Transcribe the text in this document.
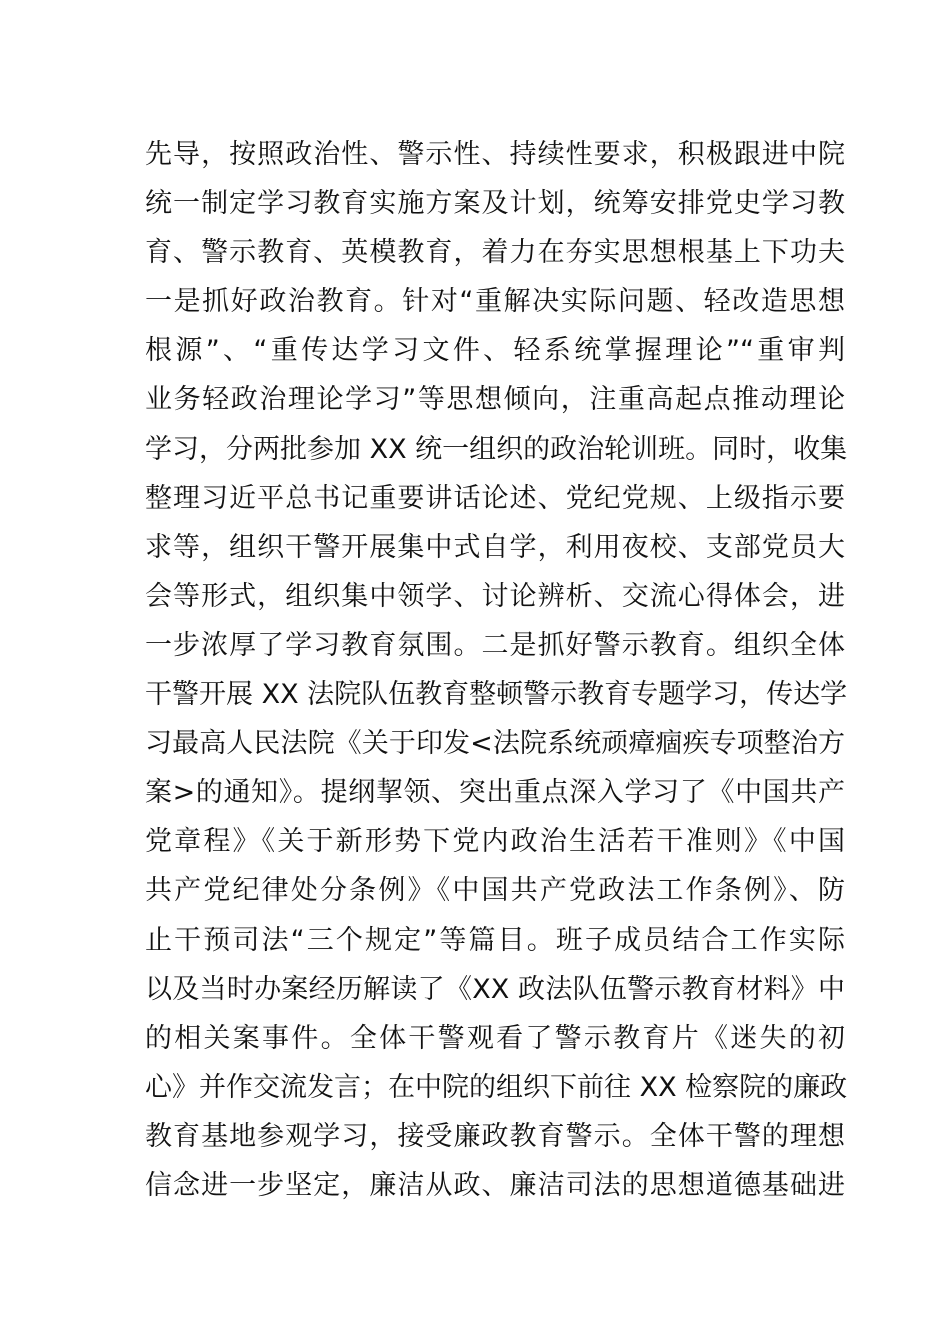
先导，按照政治性、警示性、持续性要求，积极跟进中院
统一制定学习教育实施方案及计划，统筹安排党史学习教
育、警示教育、英模教育，着力在夯实思想根基上下功夫
一是抓好政治教育。针对“重解决实际问题、轻改造思想
根源”、“重传达学习文件、轻系统掌握理论”“重审判
业务轻政治理论学习”等思想倾向，注重高起点推动理论
学习，分两批参加 XX 统一组织的政治轮训班。同时，收集
整理习近平总书记重要讲话论述、党纪党规、上级指示要
求等，组织干警开展集中式自学，利用夜校、支部党员大
会等形式，组织集中领学、讨论辨析、交流心得体会，进
一步浓厚了学习教育氛围。二是抓好警示教育。组织全体
干警开展 XX 法院队伍教育整顿警示教育专题学习，传达学
习最高人民法院《关于印发<法院系统顽瘴痼疾专项整治方
案>的通知》。提纲挈领、突出重点深入学习了《中国共产
党章程》《关于新形势下党内政治生活若干准则》《中国
共产党纪律处分条例》《中国共产党政法工作条例》、防
止干预司法“三个规定”等篇目。班子成员结合工作实际
以及当时办案经历解读了《XX 政法队伍警示教育材料》中
的相关案事件。全体干警观看了警示教育片《迷失的初
心》并作交流发言；在中院的组织下前往 XX 检察院的廉政
教育基地参观学习，接受廉政教育警示。全体干警的理想
信念进一步坚定，廉洁从政、廉洁司法的思想道德基础进
